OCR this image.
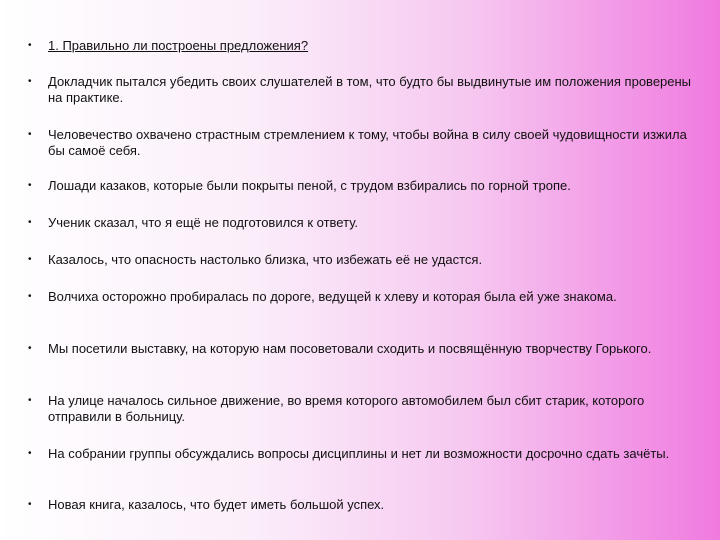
• 1. Правильно ли построены предложения?
• Докладчик пытался убедить своих слушателей в том, что будто бы выдвинутые им положения проверены на практике.
• Человечество охвачено страстным стремлением к тому, чтобы война в силу своей чудовищности изжила бы самоё себя.
• Лошади казаков, которые были покрыты пеной, с трудом взбирались по горной тропе.
• Ученик сказал, что я ещё не подготовился к ответу.
• Казалось, что опасность настолько близка, что избежать её не удастся.
• Волчиха осторожно пробиралась по дороге, ведущей к хлеву и которая была ей уже знакома.
• Мы посетили выставку, на которую нам посоветовали сходить и посвящённую творчеству Горького.
• На улице началось сильное движение, во время которого автомобилем был сбит старик, которого отправили в больницу.
• На собрании группы обсуждались вопросы дисциплины и нет ли возможности досрочно сдать зачёты.
• Новая книга, казалось, что будет иметь большой успех.
